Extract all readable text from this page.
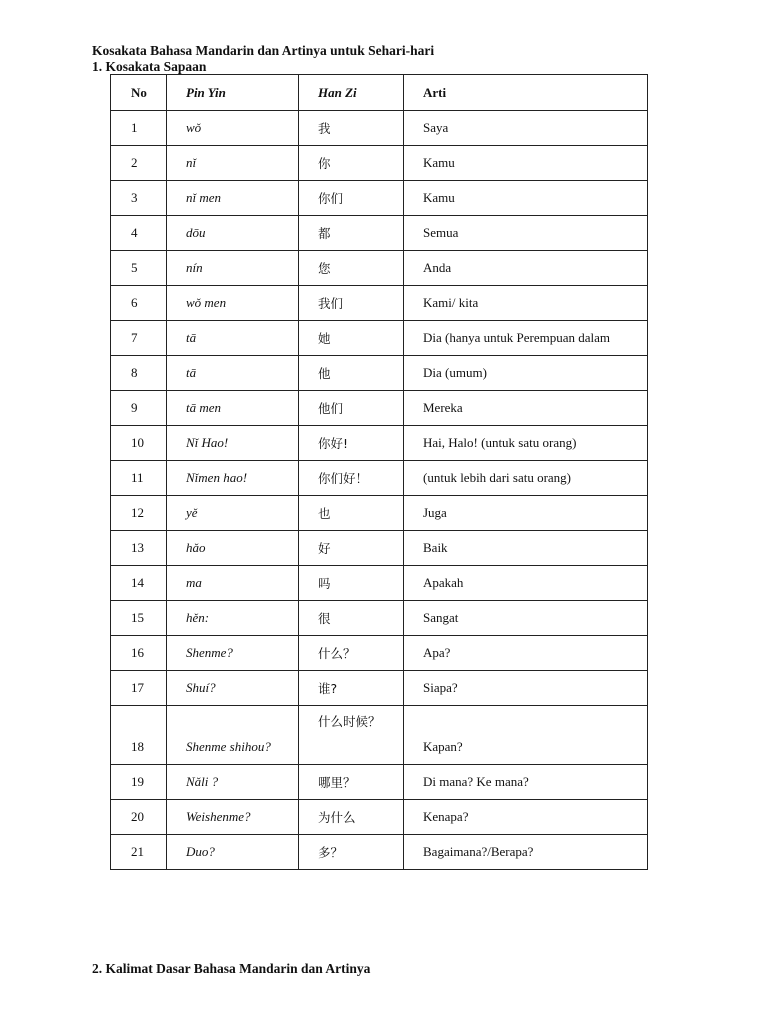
Kosakata Bahasa Mandarin dan Artinya untuk Sehari-hari
1. Kosakata Sapaan
No	Pin Yin	Han Zi	Arti
1	wǒ	我	Saya
2	nǐ	你	Kamu
3	nǐ men	你们	Kamu
4	dōu	都	Semua
5	nín	您	Anda
6	wǒ men	我们	Kami/ kita
7	tā	她	Dia (hanya untuk Perempuan dalam
8	tā	他	Dia (umum)
9	tā men	他们	Mereka
10	Nǐ Hao!	你好!	Hai, Halo! (untuk satu orang)
11	Nǐmen hao!	你们好！	(untuk lebih dari satu orang)
12	yě	也	Juga
13	hǎo	好	Baik
14	ma	吗	Apakah
15	hěn:	很	Sangat
16	Shenme?	什么？	Apa?
17	Shuí?	谁?	Siapa?
18	Shenme shihou?	什么时候？	Kapan?
19	Nǎli ?	哪里？	Di mana? Ke mana?
20	Weishenme?	为什么	Kenapa?
21	Duo?	多？	Bagaimana?/Berapa?
2. Kalimat Dasar Bahasa Mandarin dan Artinya
